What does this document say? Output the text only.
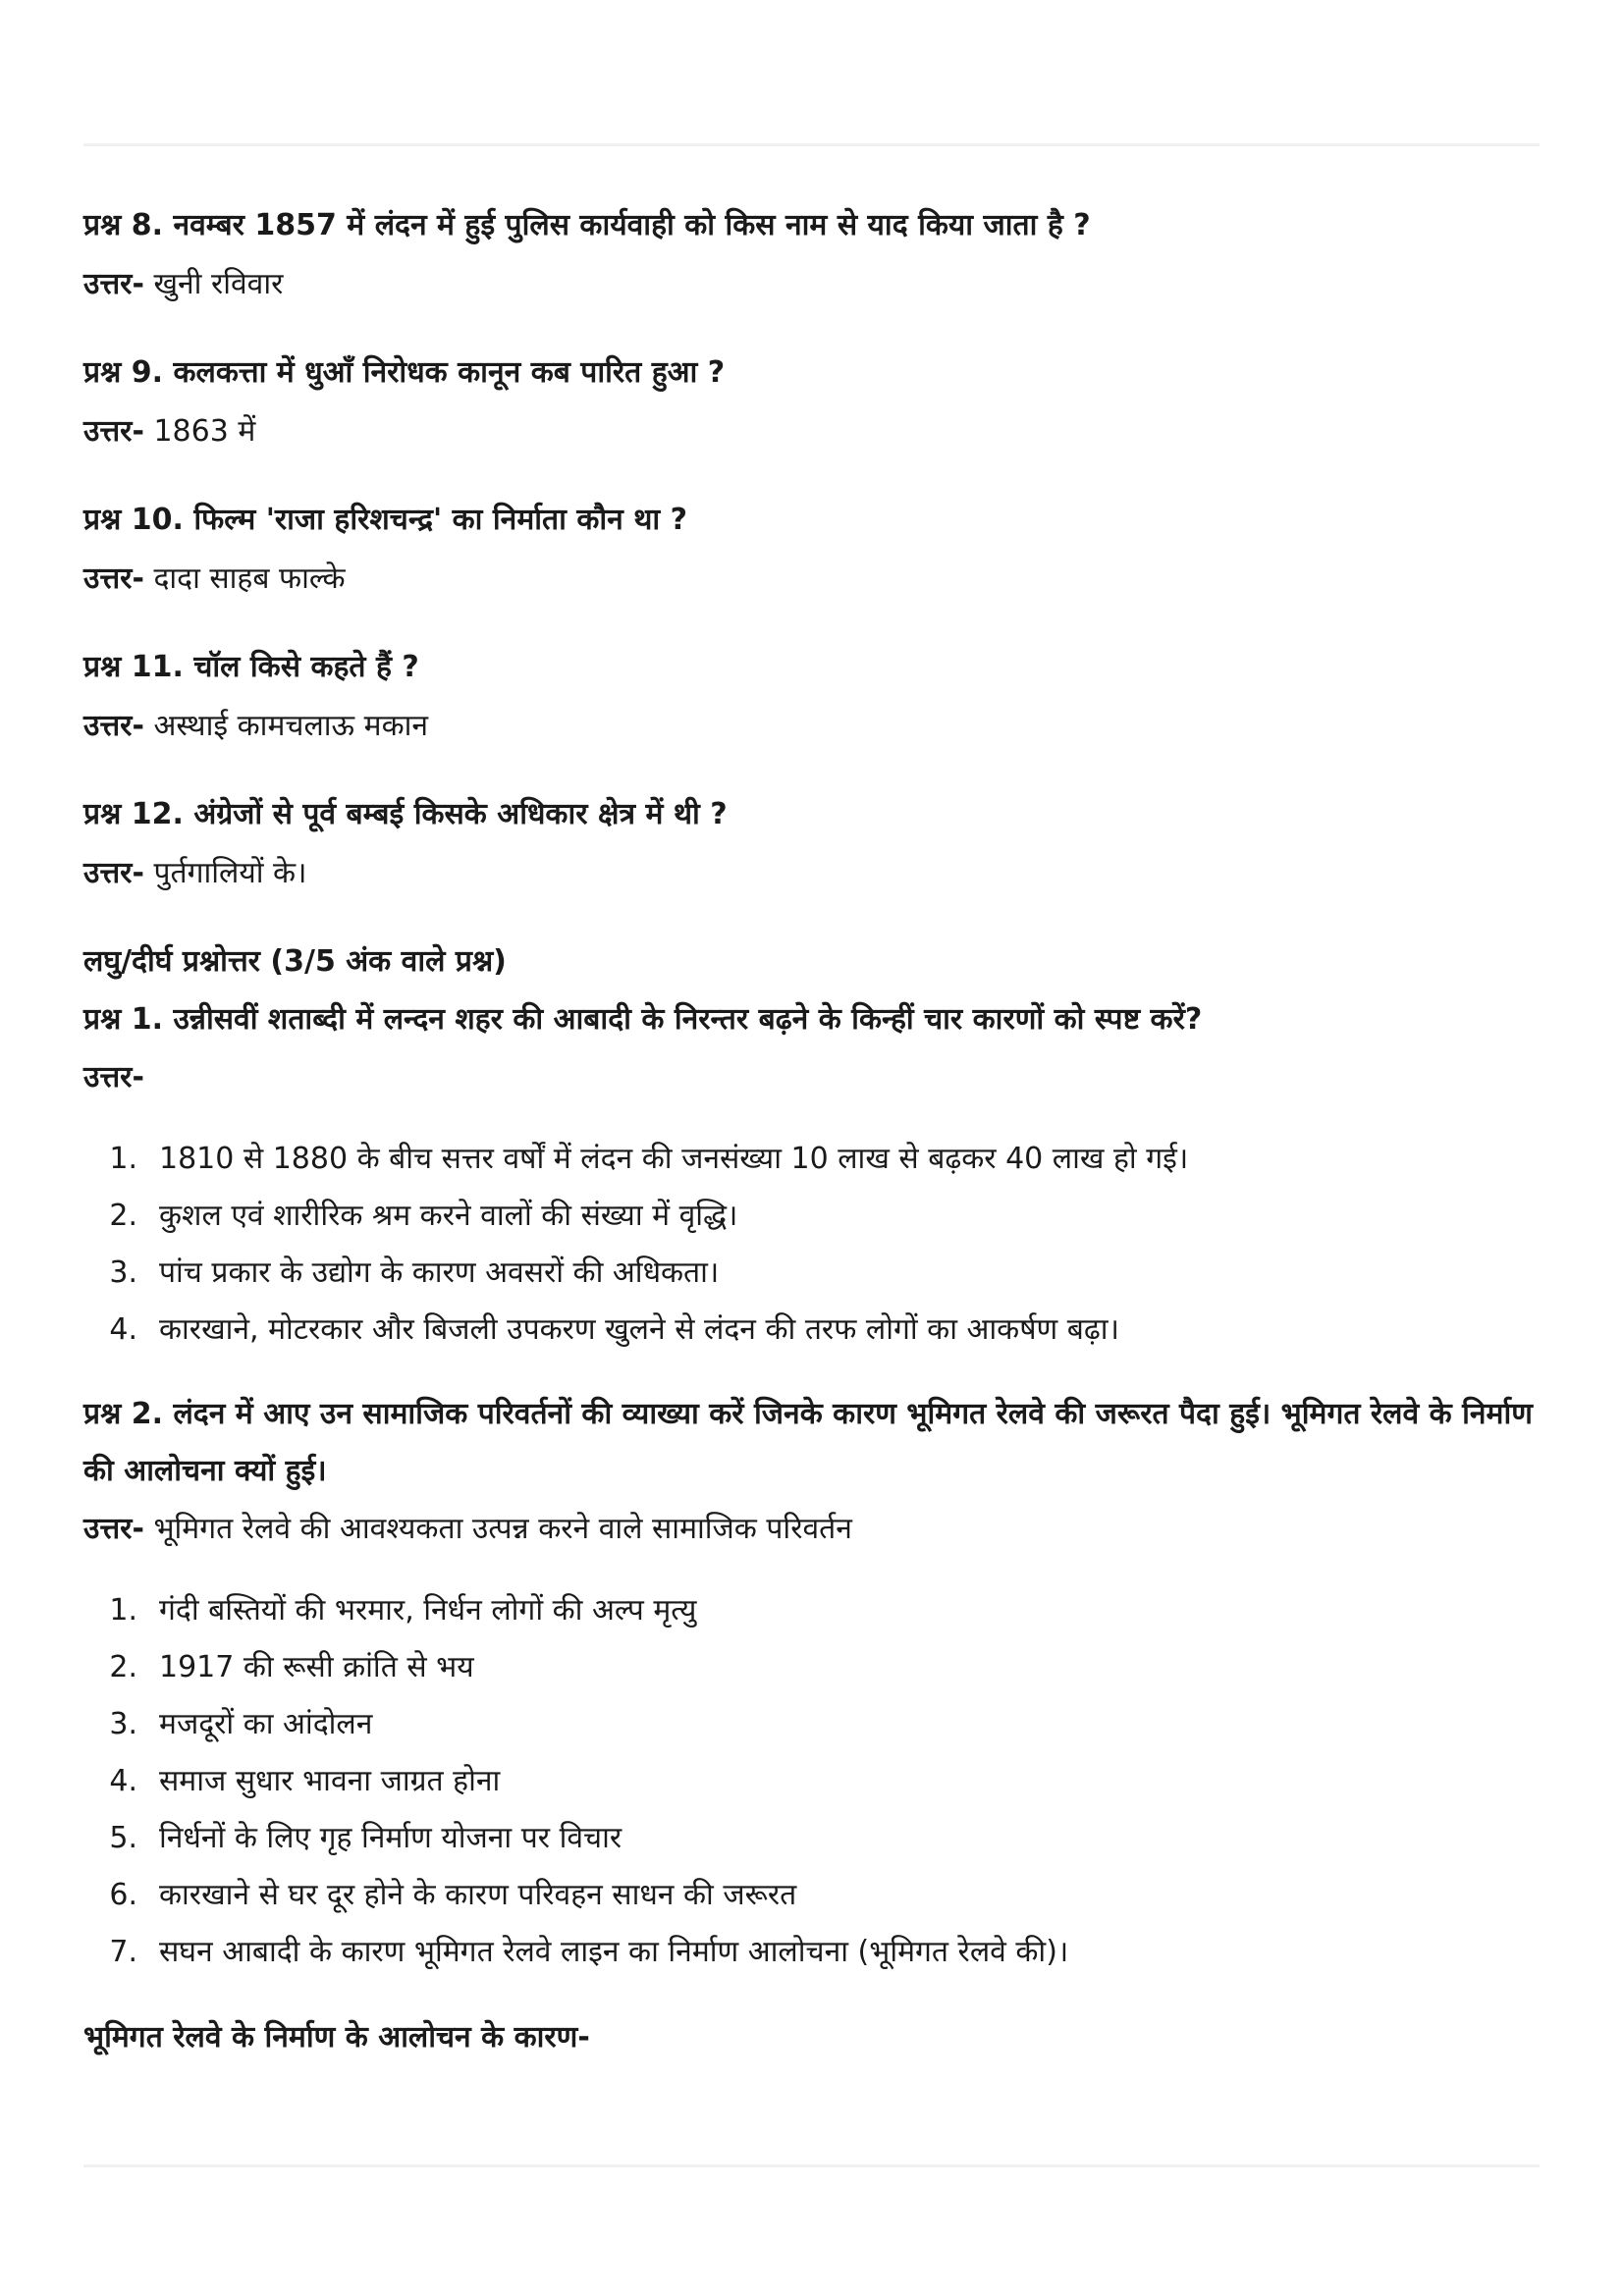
प्रश्न 8. नवम्बर 1857 में लंदन में हुई पुलिस कार्यवाही को किस नाम से याद किया जाता है ?

उत्तर- खुनी रविवार

प्रश्न 9. कलकत्ता में धुआँ निरोधक कानून कब पारित हुआ ?

उत्तर- 1863 में

प्रश्न 10. फिल्म 'राजा हरिशचन्द्र' का निर्माता कौन था ?

उत्तर- दादा साहब फाल्के

प्रश्न 11. चॉल किसे कहते हैं ?

उत्तर- अस्थाई कामचलाऊ मकान

प्रश्न 12. अंग्रेजों से पूर्व बम्बई किसके अधिकार क्षेत्र में थी ?

उत्तर- पुर्तगालियों के।

लघु/दीर्घ प्रश्नोत्तर (3/5 अंक वाले प्रश्न)

प्रश्न 1. उन्नीसवीं शताब्दी में लन्दन शहर की आबादी के निरन्तर बढ़ने के किन्हीं चार कारणों को स्पष्ट करें?

उत्तर-

1. 1810 से 1880 के बीच सत्तर वर्षों में लंदन की जनसंख्या 10 लाख से बढ़कर 40 लाख हो गई।
2. कुशल एवं शारीरिक श्रम करने वालों की संख्या में वृद्धि।
3. पांच प्रकार के उद्योग के कारण अवसरों की अधिकता।
4. कारखाने, मोटरकार और बिजली उपकरण खुलने से लंदन की तरफ लोगों का आकर्षण बढ़ा।

प्रश्न 2. लंदन में आए उन सामाजिक परिवर्तनों की व्याख्या करें जिनके कारण भूमिगत रेलवे की जरूरत पैदा हुई। भूमिगत रेलवे के निर्माण की आलोचना क्यों हुई।

उत्तर- भूमिगत रेलवे की आवश्यकता उत्पन्न करने वाले सामाजिक परिवर्तन

1. गंदी बस्तियों की भरमार, निर्धन लोगों की अल्प मृत्यु
2. 1917 की रूसी क्रांति से भय
3. मजदूरों का आंदोलन
4. समाज सुधार भावना जाग्रत होना
5. निर्धनों के लिए गृह निर्माण योजना पर विचार
6. कारखाने से घर दूर होने के कारण परिवहन साधन की जरूरत
7. सघन आबादी के कारण भूमिगत रेलवे लाइन का निर्माण आलोचना (भूमिगत रेलवे की)।

भूमिगत रेलवे के निर्माण के आलोचन के कारण-
